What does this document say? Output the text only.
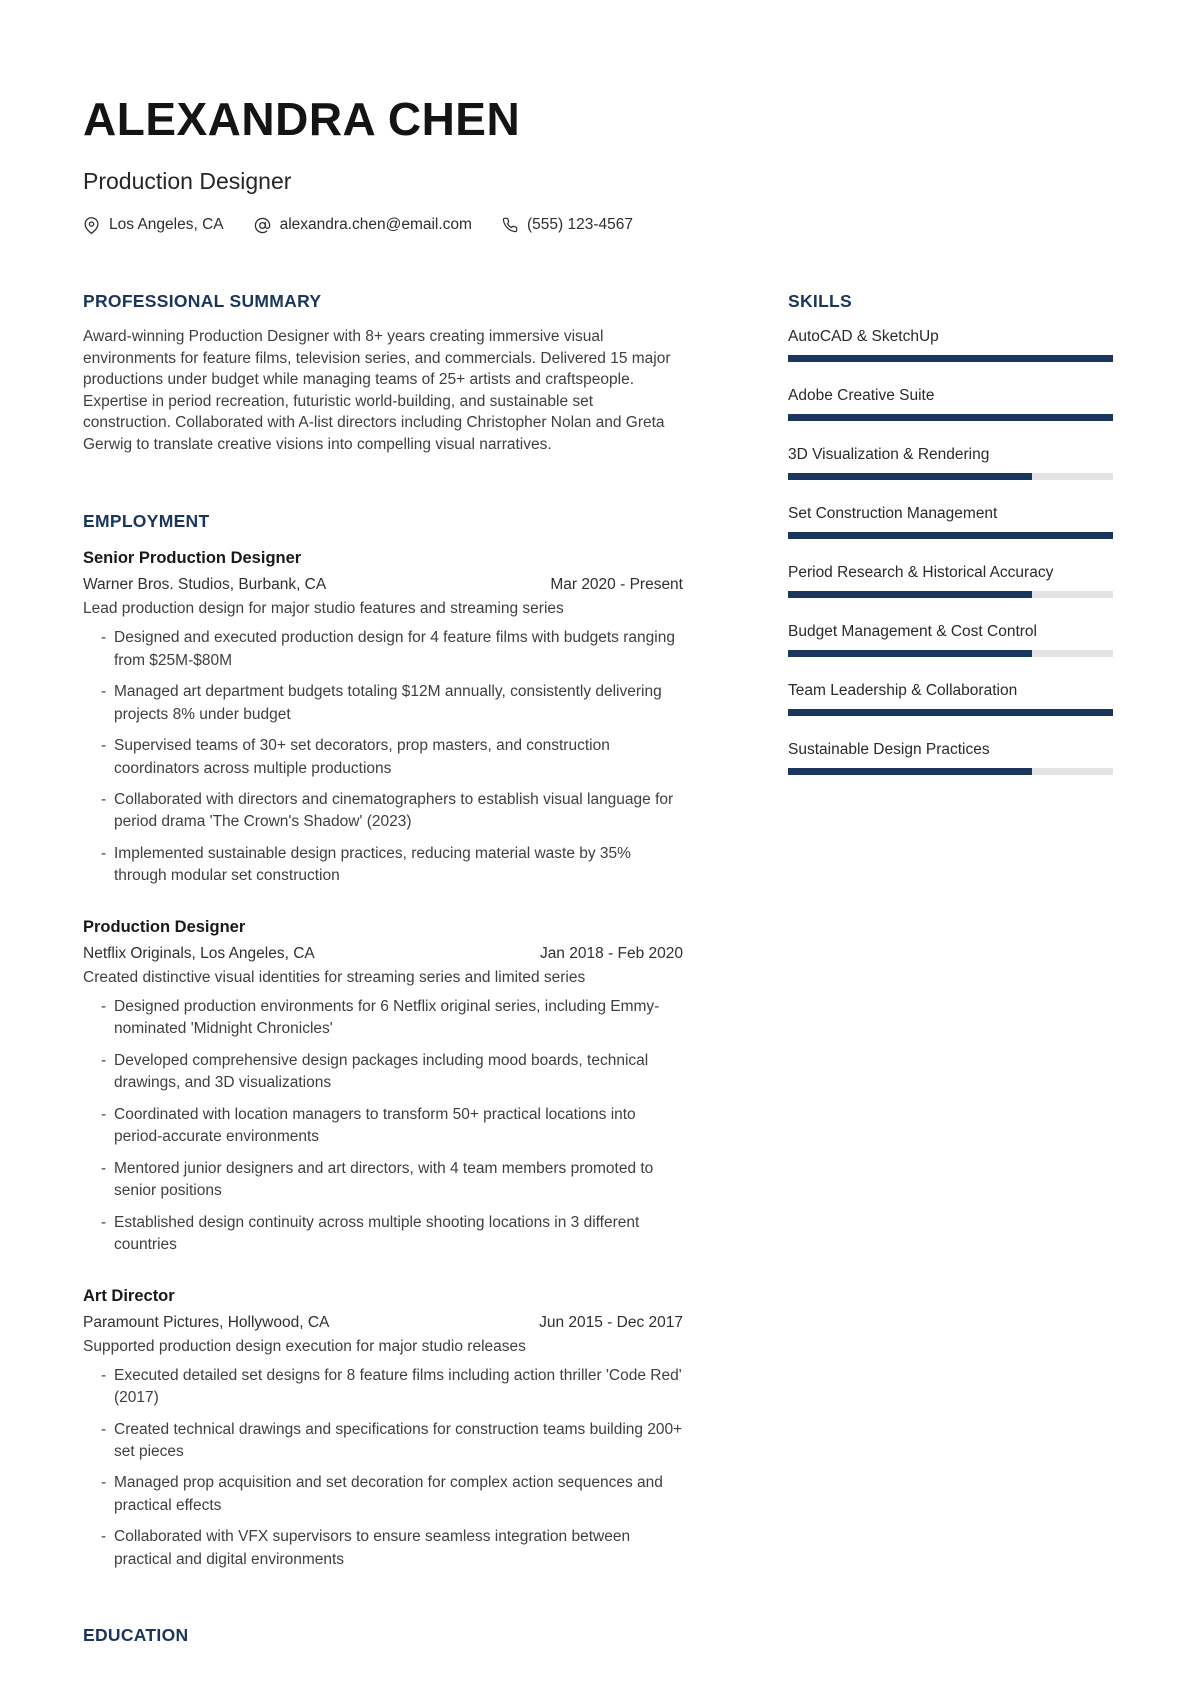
ALEXANDRA CHEN
Production Designer
Los Angeles, CA	alexandra.chen@email.com	(555) 123-4567
PROFESSIONAL SUMMARY

Award-winning Production Designer with 8+ years creating immersive visual environments for feature films, television series, and commercials. Delivered 15 major productions under budget while managing teams of 25+ artists and craftspeople. Expertise in period recreation, futuristic world-building, and sustainable set construction. Collaborated with A-list directors including Christopher Nolan and Greta Gerwig to translate creative visions into compelling visual narratives.

EMPLOYMENT
Senior Production Designer
Warner Bros. Studios, Burbank, CA	Mar 2020 - Present
Lead production design for major studio features and streaming series
- Designed and executed production design for 4 feature films with budgets ranging from $25M-$80M
- Managed art department budgets totaling $12M annually, consistently delivering projects 8% under budget
- Supervised teams of 30+ set decorators, prop masters, and construction coordinators across multiple productions
- Collaborated with directors and cinematographers to establish visual language for period drama 'The Crown's Shadow' (2023)
- Implemented sustainable design practices, reducing material waste by 35% through modular set construction
Production Designer
Netflix Originals, Los Angeles, CA	Jan 2018 - Feb 2020
Created distinctive visual identities for streaming series and limited series
- Designed production environments for 6 Netflix original series, including Emmy-nominated 'Midnight Chronicles'
- Developed comprehensive design packages including mood boards, technical drawings, and 3D visualizations
- Coordinated with location managers to transform 50+ practical locations into period-accurate environments
- Mentored junior designers and art directors, with 4 team members promoted to senior positions
- Established design continuity across multiple shooting locations in 3 different countries
Art Director
Paramount Pictures, Hollywood, CA	Jun 2015 - Dec 2017
Supported production design execution for major studio releases
- Executed detailed set designs for 8 feature films including action thriller 'Code Red' (2017)
- Created technical drawings and specifications for construction teams building 200+ set pieces
- Managed prop acquisition and set decoration for complex action sequences and practical effects
- Collaborated with VFX supervisors to ensure seamless integration between practical and digital environments
EDUCATION
SKILLS
AutoCAD & SketchUp
Adobe Creative Suite
3D Visualization & Rendering
Set Construction Management
Period Research & Historical Accuracy
Budget Management & Cost Control
Team Leadership & Collaboration
Sustainable Design Practices
